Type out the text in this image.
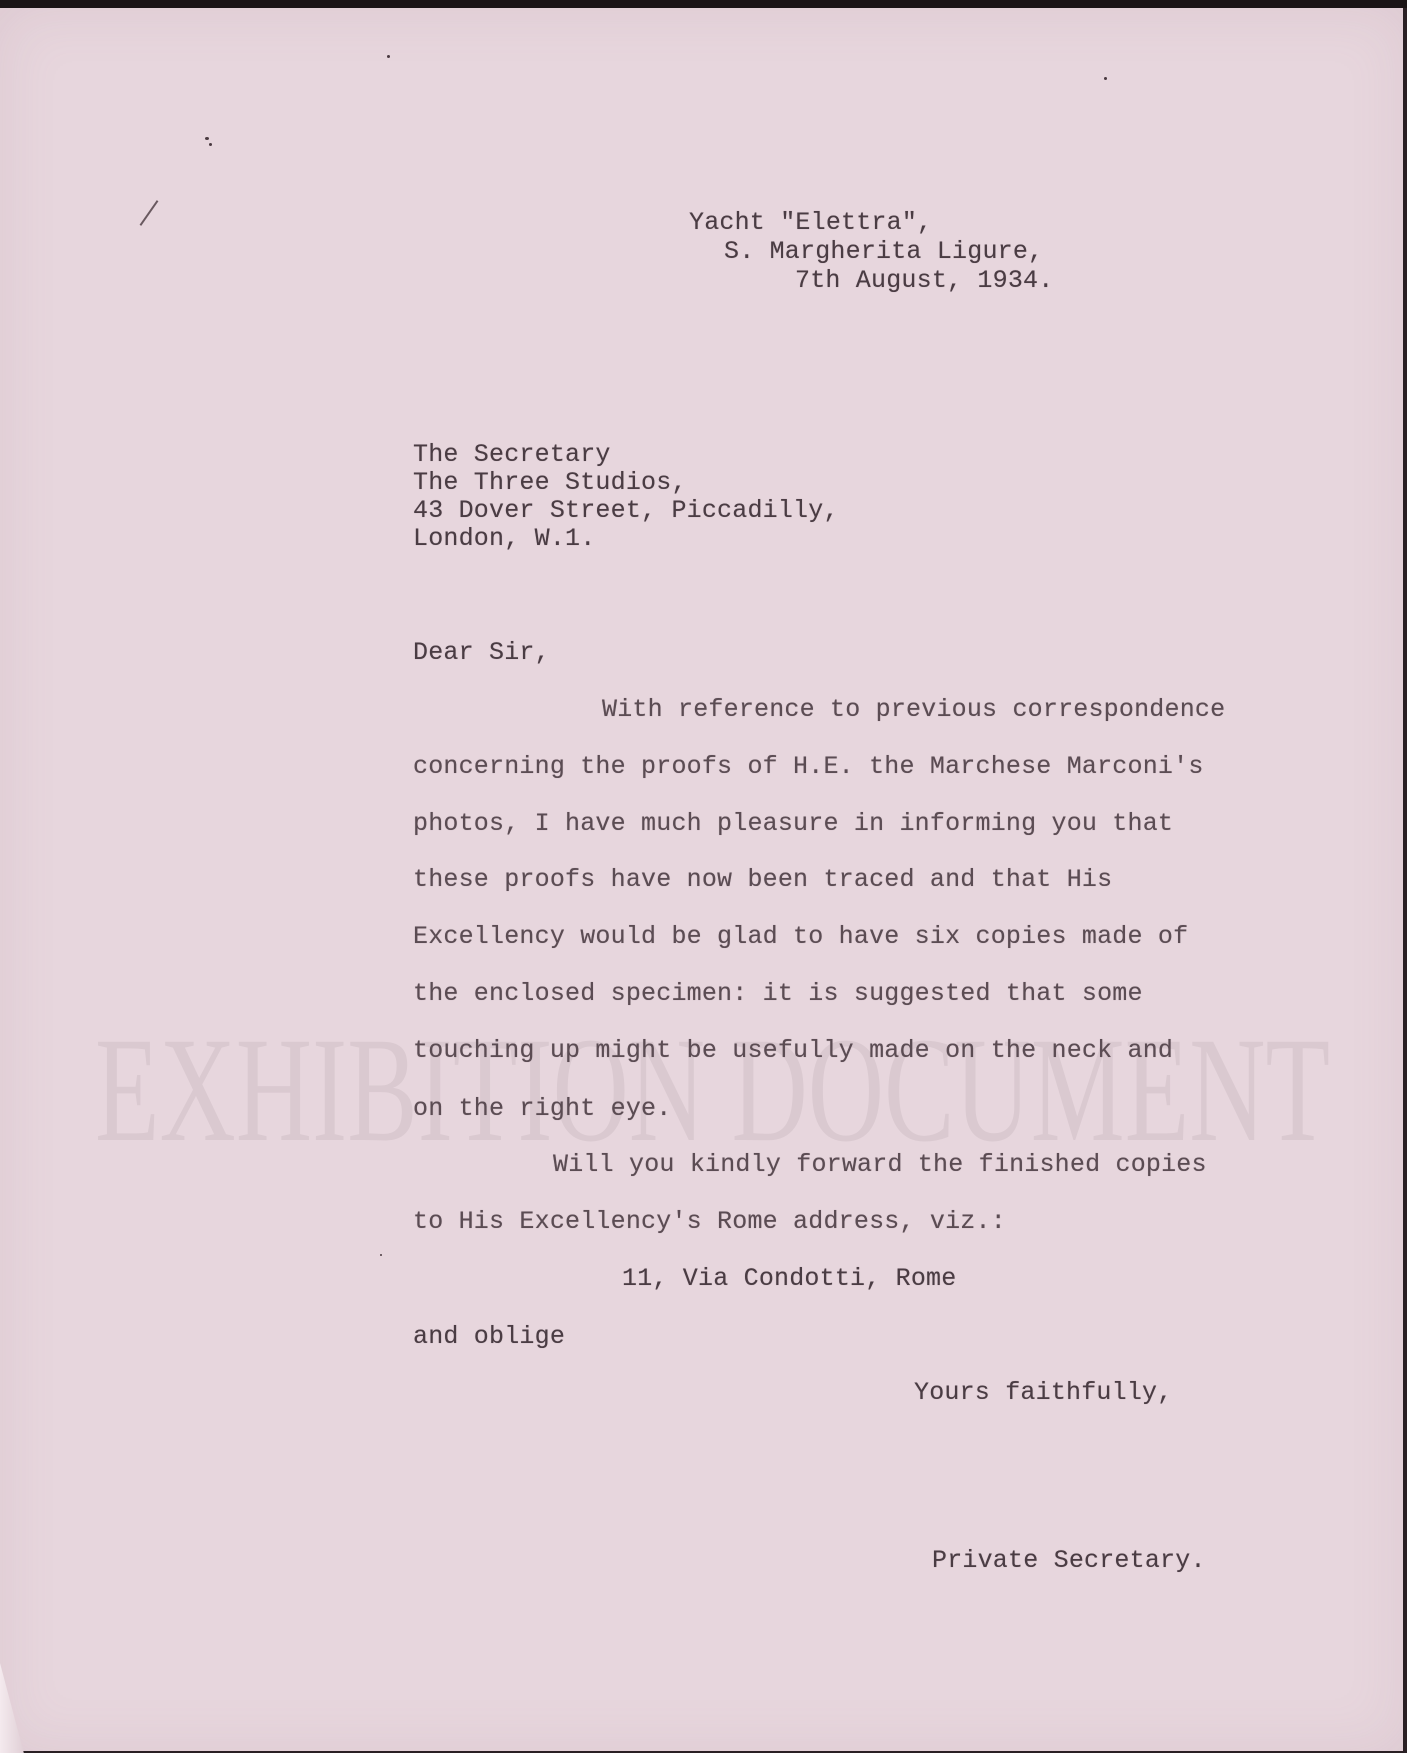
EXHIBITION DOCUMENT
Yacht "Elettra",
S. Margherita Ligure,
7th August, 1934.
The Secretary
The Three Studios,
43 Dover Street, Piccadilly,
London, W.1.
Dear Sir,
With reference to previous correspondence
concerning the proofs of H.E. the Marchese Marconi's
photos, I have much pleasure in informing you that
these proofs have now been traced and that His
Excellency would be glad to have six copies made of
the enclosed specimen: it is suggested that some
touching up might be usefully made on the neck and
on the right eye.
Will you kindly forward the finished copies
to His Excellency's Rome address, viz.:
11, Via Condotti, Rome
and oblige
Yours faithfully,
Private Secretary.
